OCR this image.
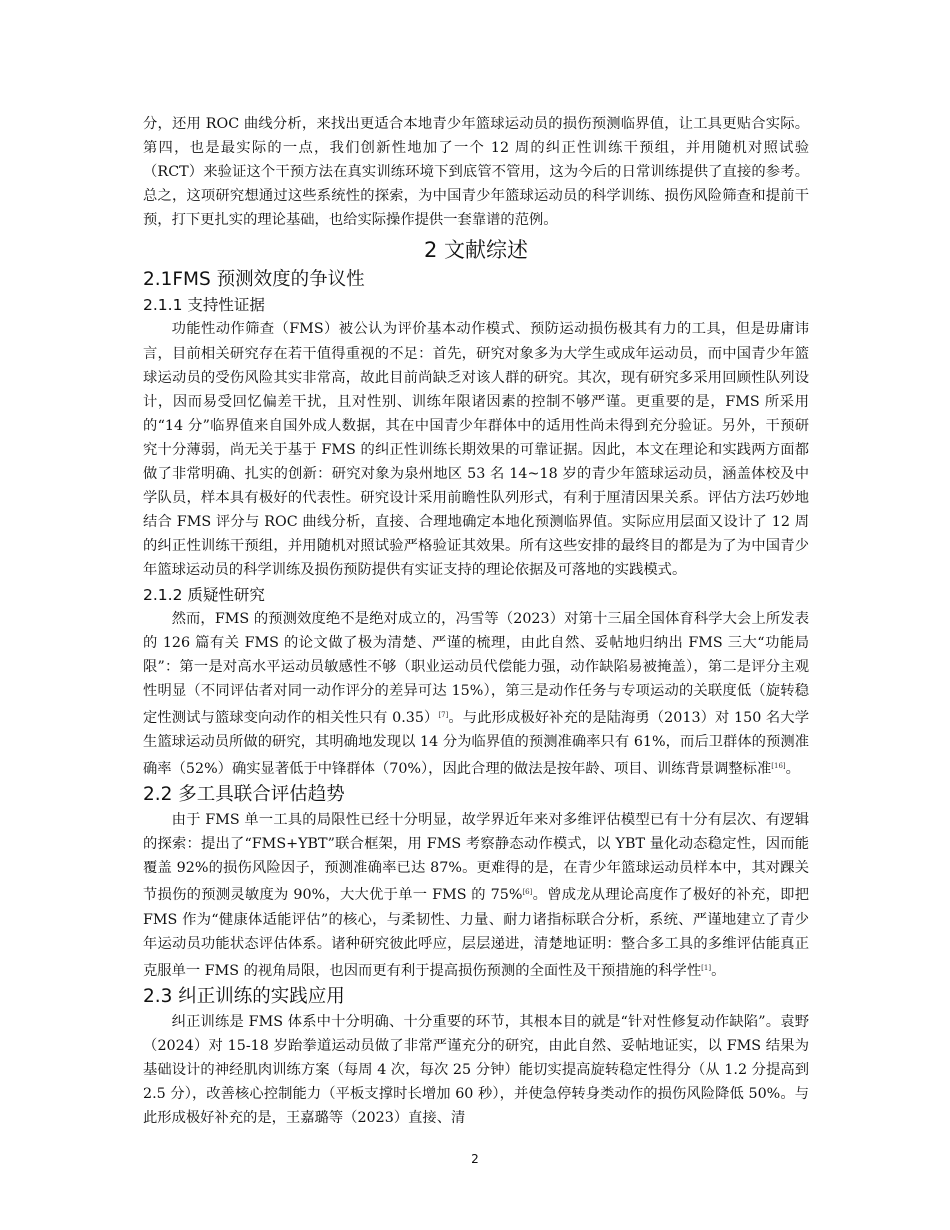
分，还用 ROC 曲线分析，来找出更适合本地青少年篮球运动员的损伤预测临界值，让工具更贴合实际。第四，也是最实际的一点，我们创新性地加了一个 12 周的纠正性训练干预组，并用随机对照试验（RCT）来验证这个干预方法在真实训练环境下到底管不管用，这为今后的日常训练提供了直接的参考。总之，这项研究想通过这些系统性的探索，为中国青少年篮球运动员的科学训练、损伤风险筛查和提前干预，打下更扎实的理论基础，也给实际操作提供一套靠谱的范例。

2 文献综述
2.1FMS 预测效度的争议性
2.1.1 支持性证据

功能性动作筛查（FMS）被公认为评价基本动作模式、预防运动损伤极其有力的工具，但是毋庸讳言，目前相关研究存在若干值得重视的不足：首先，研究对象多为大学生或成年运动员，而中国青少年篮球运动员的受伤风险其实非常高，故此目前尚缺乏对该人群的研究。其次，现有研究多采用回顾性队列设计，因而易受回忆偏差干扰，且对性别、训练年限诸因素的控制不够严谨。更重要的是，FMS 所采用的“14 分”临界值来自国外成人数据，其在中国青少年群体中的适用性尚未得到充分验证。另外，干预研究十分薄弱，尚无关于基于 FMS 的纠正性训练长期效果的可靠证据。因此，本文在理论和实践两方面都做了非常明确、扎实的创新：研究对象为泉州地区 53 名 14~18 岁的青少年篮球运动员，涵盖体校及中学队员，样本具有极好的代表性。研究设计采用前瞻性队列形式，有利于厘清因果关系。评估方法巧妙地结合 FMS 评分与 ROC 曲线分析，直接、合理地确定本地化预测临界值。实际应用层面又设计了 12 周的纠正性训练干预组，并用随机对照试验严格验证其效果。所有这些安排的最终目的都是为了为中国青少年篮球运动员的科学训练及损伤预防提供有实证支持的理论依据及可落地的实践模式。

2.1.2 质疑性研究

然而，FMS 的预测效度绝不是绝对成立的，冯雪等（2023）对第十三届全国体育科学大会上所发表的 126 篇有关 FMS 的论文做了极为清楚、严谨的梳理，由此自然、妥帖地归纳出 FMS 三大“功能局限”：第一是对高水平运动员敏感性不够（职业运动员代偿能力强，动作缺陷易被掩盖），第二是评分主观性明显（不同评估者对同一动作评分的差异可达 15%），第三是动作任务与专项运动的关联度低（旋转稳定性测试与篮球变向动作的相关性只有 0.35）[7]。与此形成极好补充的是陆海勇（2013）对 150 名大学生篮球运动员所做的研究，其明确地发现以 14 分为临界值的预测准确率只有 61%，而后卫群体的预测准确率（52%）确实显著低于中锋群体（70%），因此合理的做法是按年龄、项目、训练背景调整标准[16]。

2.2 多工具联合评估趋势

由于 FMS 单一工具的局限性已经十分明显，故学界近年来对多维评估模型已有十分有层次、有逻辑的探索：提出了“FMS+YBT”联合框架，用 FMS 考察静态动作模式，以 YBT 量化动态稳定性，因而能覆盖 92%的损伤风险因子，预测准确率已达 87%。更难得的是，在青少年篮球运动员样本中，其对踝关节损伤的预测灵敏度为 90%，大大优于单一 FMS 的 75%[6]。曾成龙从理论高度作了极好的补充，即把 FMS 作为“健康体适能评估”的核心，与柔韧性、力量、耐力诸指标联合分析，系统、严谨地建立了青少年运动员功能状态评估体系。诸种研究彼此呼应，层层递进，清楚地证明：整合多工具的多维评估能真正克服单一 FMS 的视角局限，也因而更有利于提高损伤预测的全面性及干预措施的科学性[1]。

2.3 纠正训练的实践应用

纠正训练是 FMS 体系中十分明确、十分重要的环节，其根本目的就是“针对性修复动作缺陷”。袁野（2024）对 15-18 岁跆拳道运动员做了非常严谨充分的研究，由此自然、妥帖地证实，以 FMS 结果为基础设计的神经肌肉训练方案（每周 4 次，每次 25 分钟）能切实提高旋转稳定性得分（从 1.2 分提高到 2.5 分），改善核心控制能力（平板支撑时长增加 60 秒），并使急停转身类动作的损伤风险降低 50%。与此形成极好补充的是，王嘉璐等（2023）直接、清

2
